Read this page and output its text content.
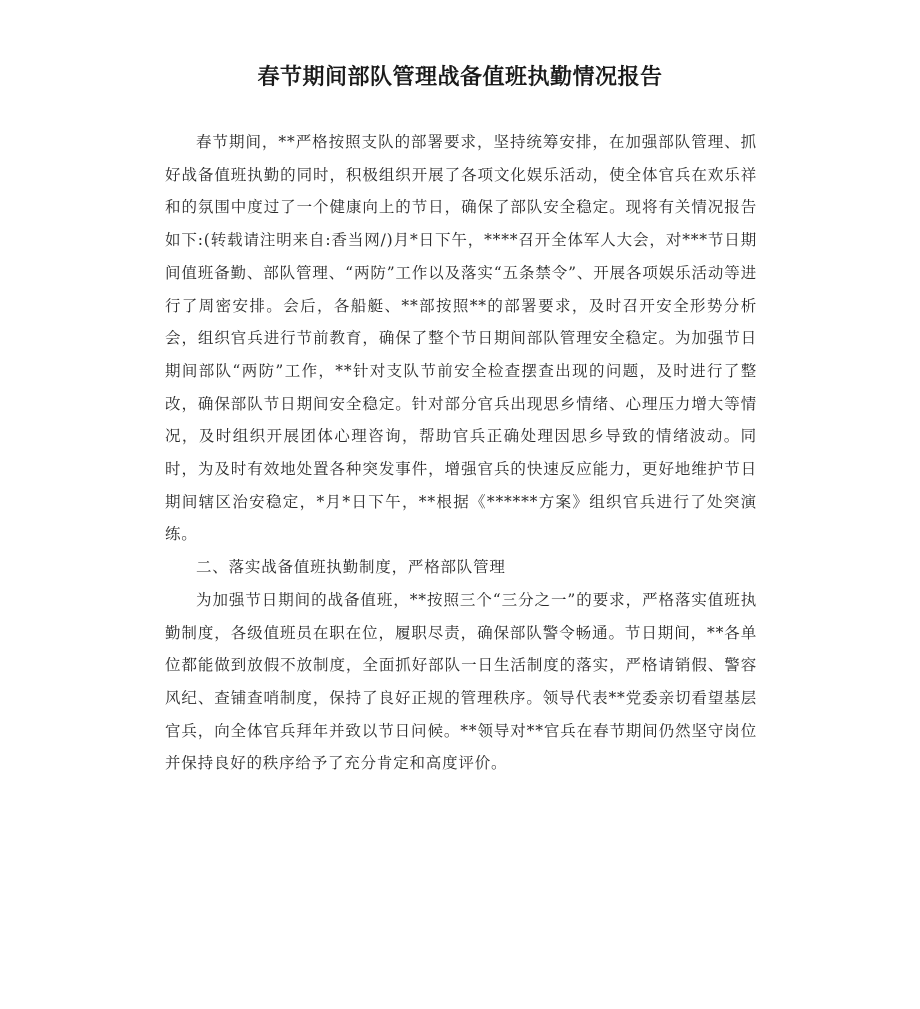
春节期间部队管理战备值班执勤情况报告

春节期间，**严格按照支队的部署要求，坚持统筹安排，在加强部队管理、抓好战备值班执勤的同时，积极组织开展了各项文化娱乐活动，使全体官兵在欢乐祥和的氛围中度过了一个健康向上的节日，确保了部队安全稳定。现将有关情况报告如下:(转载请注明来自:香当网/)月*日下午，****召开全体军人大会，对***节日期间值班备勤、部队管理、“两防”工作以及落实“五条禁令”、开展各项娱乐活动等进行了周密安排。会后，各船艇、**部按照**的部署要求，及时召开安全形势分析会，组织官兵进行节前教育，确保了整个节日期间部队管理安全稳定。为加强节日期间部队“两防”工作，**针对支队节前安全检查摆查出现的问题，及时进行了整改，确保部队节日期间安全稳定。针对部分官兵出现思乡情绪、心理压力增大等情况，及时组织开展团体心理咨询，帮助官兵正确处理因思乡导致的情绪波动。同时，为及时有效地处置各种突发事件，增强官兵的快速反应能力，更好地维护节日期间辖区治安稳定，*月*日下午，**根据《******方案》组织官兵进行了处突演练。

二、落实战备值班执勤制度，严格部队管理

为加强节日期间的战备值班，**按照三个“三分之一”的要求，严格落实值班执勤制度，各级值班员在职在位，履职尽责，确保部队警令畅通。节日期间，**各单位都能做到放假不放制度，全面抓好部队一日生活制度的落实，严格请销假、警容风纪、查铺查哨制度，保持了良好正规的管理秩序。领导代表**党委亲切看望基层官兵，向全体官兵拜年并致以节日问候。**领导对**官兵在春节期间仍然坚守岗位并保持良好的秩序给予了充分肯定和高度评价。
